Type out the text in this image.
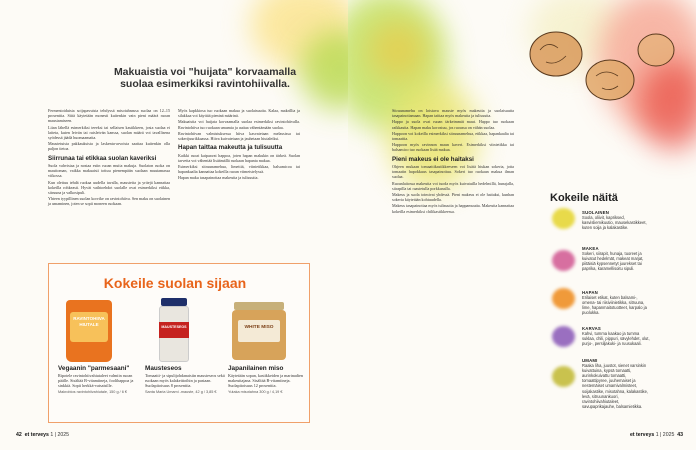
Makuaistia voi "huijata" korvaamalla suolaa esimerkiksi ravintohiivalla.

Fermentoiduista soijapavuista tehdyssä misotahnassa suolaa on 12–15 prosenttia. Siitä käytetään monesti kuitenkin vain pieni määrä ruoan maustamiseen.

Liian lähellä esimerkiksi teeeksi tai sellaisen kastikkeen, josta suolaa ei laiteta, kuten leivän tai ruisleivän kanssa, suolan määrä voi tavallisena syödessä jäädä huomaamatta.

Maustetuista pakkauksista ja laskenta-arvoista saattaa kuitenkin olla paljon tietoa.

Siirrunaa tai etikkaa suolan kaveriksi

Suola vahvistaa ja nostaa esiin ruoan muita makuja. Suolaton ruoka on mauttoman, vaikka makuaisti tottuu pienempään suolaan muutamassa viikossa.

Kun olettuu tehdä ruokaa uudella tavalla, mausteita ja yrttejä kannattaa kokeilla rohkeasti. Hyvät vaihtoehdot suolalle ovat esimerkiksi etikka, sitruuna ja valkosipuli.

Yhteen tyypillinen suolan korvike on ravintohiiva. Sen maku on suolainen ja umaminen, joten se sopii moneen ruokaan.

Myös kapkkiosa tuo ruokaan makua ja suolaisuutta. Kalaa, makrillia ja silakkaa voi käyttää pieninä määrinä.

Makuaistia voi huijata korvaamalla suolaa esimerkiksi ravintohiivalla. Ravintohiiva tuo ruokaan umamia ja auttaa vähentämään suolaa.

Ravintohiivan valmistuksessa hiiva kasvatetaan melassissa tai sokerijuurikkaassa. Hiiva kuivatetaan ja jauhetaan hiutaleiksi.

Hapan taittaa makeutta ja tulisuutta

Kaikki ruoat kaipaavat happoa, joten hapan makukin on tärkeä. Suolan tarvetta voi vähentää lisäämällä ruokaan hapanta makua.

Esimerkiksi sitruunamehua, limettiä, viinietikkaa, balsamicoa tai hapankaalia kannattaa kokeilla ruoan viimeistelyssä.

Hapan maku tasapainottaa makeutta ja tulisuutta.

Kokeile suolan sijaan
RAVINTOHIIVA HIUTALE
Vegaanin "parmesaani"
Ripotele ravintohiivahiutaleet valmiin ruoan päälle. Sisältää B-vitamiineja, foolihappoa ja sinkkiä. Sopii herkkä-vatsaisille.
Makrobios ravintohiivahiutale, 150 g / 6 €
MAUSTESEOS
Mausteseos
Tomaatti- ja sipulijohdanaisiin mausteseos sekä ruokaan myös kalakeittoihin ja pastaan. Suolapitoisuus 8 prosenttia.
Santa Maria Umami -mauste, 42 g / 3,85 €
WHITE MISO
Japanilainen miso
Käytetään sopan, kastikkeiden ja marinadien makeuttajana. Sisältää B-vitamiineja. Suolapitoisuus 12 prosenttia.
Yutaka misotahna 300 g / 4,19 €
42 et terveys 1 | 2025

Sitruunamehu on loistava mauste myös makeutta ja suolaisuutta tasapainottamaan. Hapan taittaa myös makeutta ja tulisuutta.

Happo ja suola ovat ruoan tärkeimmät maut. Happo tuo ruokaan raikkautta. Hapan maku korostuu, jos ruoassa on vähän suolaa.

Happoon voi kokeilla esimerkiksi sitruunamehua, etikkaa, hapankaalia tai tomaattia.

Happoon myös ravinnon maun kaveri. Esimerkiksi viinietikka tai balsamico tuo ruokaan lisää makua.

Pieni makeus ei ole haitaksi

Ohjeen mukaan tomaattikastikkeeseen voi lisätä hiukan sokeria, jotta tomaatin hapokkuus tasapainottuu. Sokeri tuo ruokaan makua ilman suolaa.

Ruoanlaitossa makeutta voi tuoda myös kuivatuilla hedelmillä, hunajalla, siirapilla tai raastetulla porkkanalla.

Makeus ja suola toimivat yhdessä. Pieni makeus ei ole haitaksi, kunhan sokeria käytetään kohtuudella.

Makeus tasapainottaa myös tulisuutta ja happamuutta. Makeutta kannattaa kokeilla esimerkiksi chilikastikkeessa.

Kokeile näitä
SUOLAINEN
Soola, oliivit, kapriksed, kasvisliemikuutio, mausekastikkeet, kuten soija ja kalakastike.
MAKEA
Sokeri, siirapit, hunaja, tuoreet ja kuivatut hedelmät, makeat marjat, piitäisiä kypsennetyt juurekset tai paprika, karamellisoitu sipuli.
HAPAN
Erilaiset etikat, kuten balsami-, omena- tai riisiviinietikka, sitruuna, lime, hapanmaitotuotteet, karpalo ja puolukka.
KARVAS
Kahvi, tumma kaakao ja tumma suklaa, chili, pippuri, sävylehdet, olut, purjo-, persiljakuki- ja ruusukaali.
UMAMI
Raaka liha, juustot, sienet varsinkin kuivattuina, kypsä tomaatti, aurinkokuivattu tomaatti, tomaattipyree, juuhemaiset ja nestemäiset umamivalmisteet, soijakastike, misotahna, kalakastike, levä, sitruunankuori, ravintohiivahiutaleet, savupaprikajauhe, balsamietikka.
et terveys 1 | 2025 43
